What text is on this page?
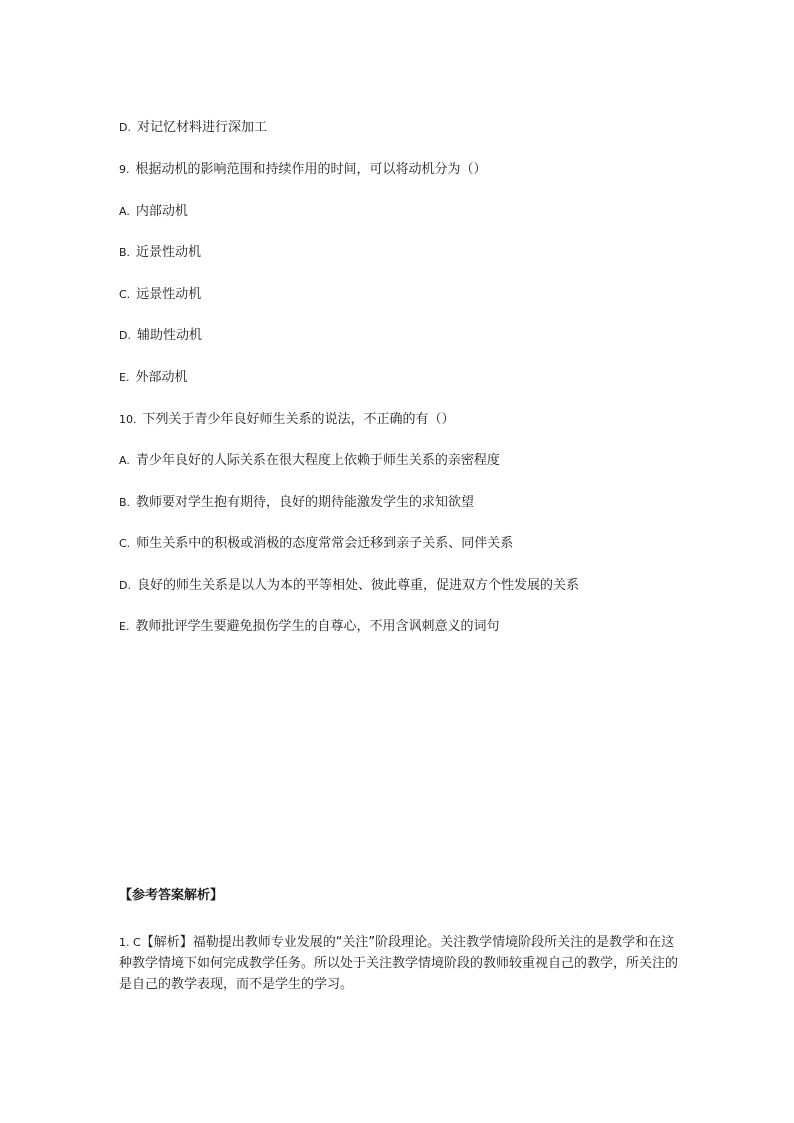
D. 对记忆材料进行深加工
9. 根据动机的影响范围和持续作用的时间，可以将动机分为（）
A. 内部动机
B. 近景性动机
C. 远景性动机
D. 辅助性动机
E. 外部动机
10. 下列关于青少年良好师生关系的说法，不正确的有（）
A. 青少年良好的人际关系在很大程度上依赖于师生关系的亲密程度
B. 教师要对学生抱有期待，良好的期待能激发学生的求知欲望
C. 师生关系中的积极或消极的态度常常会迁移到亲子关系、同伴关系
D. 良好的师生关系是以人为本的平等相处、彼此尊重，促进双方个性发展的关系
E. 教师批评学生要避免损伤学生的自尊心，不用含讽刺意义的词句
【参考答案解析】
1. C【解析】福勒提出教师专业发展的“关注”阶段理论。关注教学情境阶段所关注的是教学和在这种教学情境下如何完成教学任务。所以处于关注教学情境阶段的教师较重视自己的教学，所关注的是自己的教学表现，而不是学生的学习。
